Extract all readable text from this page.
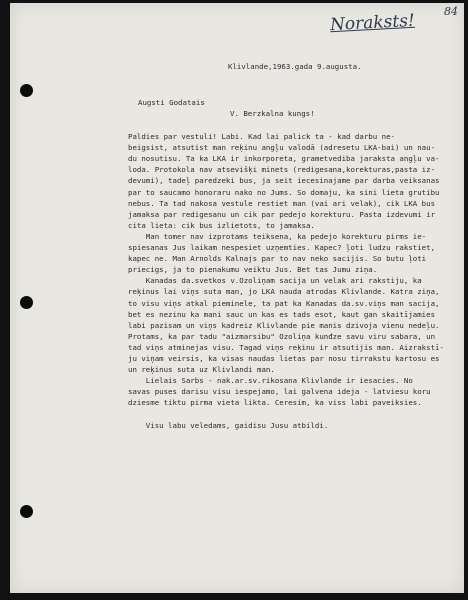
Noraksts!	84
Klivlande,1963.gada 9.augusta.
Augsti Godatais
V. Berzkalna kungs!
Paldies par vestuli! Labi. Kad lai palick ta - kad darbu ne-
beigsist, atsutist man reķinu angļu valodā (adresetu LKA-bai) un nau-
du nosutisu. Ta ka LKA ir inkorporeta, grametvediba jaraksta angļu va-
loda. Protokola nav atsevišķi minets (redigesana,korekturas,pasta iz-
devumi), tadeļ paredzeki bus, ja seit iecesinajame par darba veiksanas
par to saucamo honoraru nako no Jums. So domaju, ka sini lieta grutibu
nebus. Ta tad nakosa vestule restiet man (vai ari velak), cik LKA bus
jamaksa par redigesanu un cik par pedejo korekturu. Pasta izdevumi ir
cita lieta: cik bus izlietots, to jamaksa.
Man tomer nav izprotams teiksena, ka pedejo korekturu pirms ie-
spiesanas Jus laikam nespesiet uzņemties. Kapec? ļoti ludzu rakstiet,
kapec ne. Man Arnolds Kalnajs par to nav neko sacijis. So butu ļoti
priecigs, ja to pienakumu veiktu Jus. Bet tas Jumu ziņa.
Kanadas da.svetkos v.Ozoliņam sacija un velak ari rakstiju, ka
reķinus lai viņs suta man, jo LKA nauda atrodas Klivlande. Katra ziņa,
to visu viņs atkal pieminele, ta pat ka Kanadas da.sv.viņs man sacija,
bet es nezinu ka mani sauc un kas es tads esot, kaut gan skaitījamies
labi pazisam un viņs kadreiz Klivlande pie manis dzivoja vienu nedeļu.
Protams, ka par tadu "aizmarsibu" Ozoliņa kunđze savu viru sabara, un
tad viņs atminejas visu. Tagad viņs reķinu ir atsutijis man. Aizrakstī-
ju viņam veirsis, ka visas naudas lietas par nosu tirrakstu kartosu es
un reķinus suta uz Klivlandi man.
Lielais Sarbs - nak.ar.sv.rikosana Klivlande ir iesacies. No
savas puses darisu visu iespejamo, lai galvena ideja - latviesu koru
dziesme tiktu pirma vieta likta. Ceresim, ka viss labi paveiksies.
Visu labu veledams, gaidisu Jusu atbildi.
